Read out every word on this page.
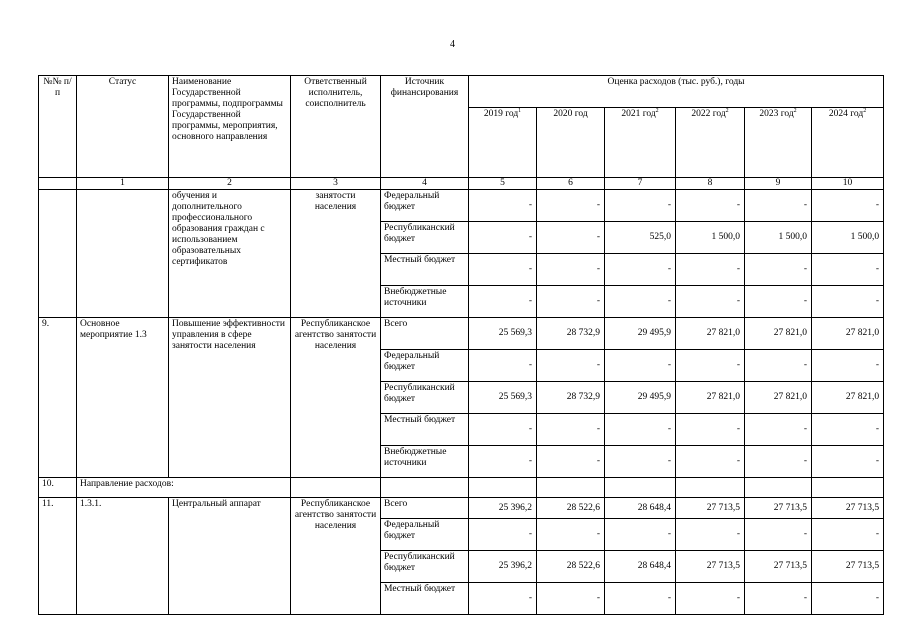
4
№№ п/п	Статус	Наименование Государственной программы, подпрограммы Государственной программы, мероприятия, основного направления	Ответственный исполнитель, соисполнитель	Источник финансирования	Оценка расходов (тыс. руб.), годы					
					2019 год$^1$	2020 год	2021 год$^2$	2022 год$^2$	2023 год$^2$	2024 год$^2$
	1	2	3	4	5	6	7	8	9	10
		обучения и дополнительного профессионального образования граждан с использованием образовательных сертификатов	занятости населения	Федеральный бюджет	-	-	-	-	-	-
				Республиканский бюджет	-	-	525,0	1 500,0	1 500,0	1 500,0
				Местный бюджет	-	-	-	-	-	-
				Внебюджетные источники	-	-	-	-	-	-
9.	Основное мероприятие 1.3	Повышение эффективности управления в сфере занятости населения	Республиканское агентство занятости населения	Всего	25 569,3	28 732,9	29 495,9	27 821,0	27 821,0	27 821,0
				Федеральный бюджет	-	-	-	-	-	-
				Республиканский бюджет	25 569,3	28 732,9	29 495,9	27 821,0	27 821,0	27 821,0
				Местный бюджет	-	-	-	-	-	-
				Внебюджетные источники	-	-	-	-	-	-
10.	Направление расходов:									
11.	1.3.1.	Центральный аппарат	Республиканское агентство занятости населения	Всего	25 396,2	28 522,6	28 648,4	27 713,5	27 713,5	27 713,5
				Федеральный бюджет	-	-	-	-	-	-
				Республиканский бюджет	25 396,2	28 522,6	28 648,4	27 713,5	27 713,5	27 713,5
				Местный бюджет	-	-	-	-	-	-
